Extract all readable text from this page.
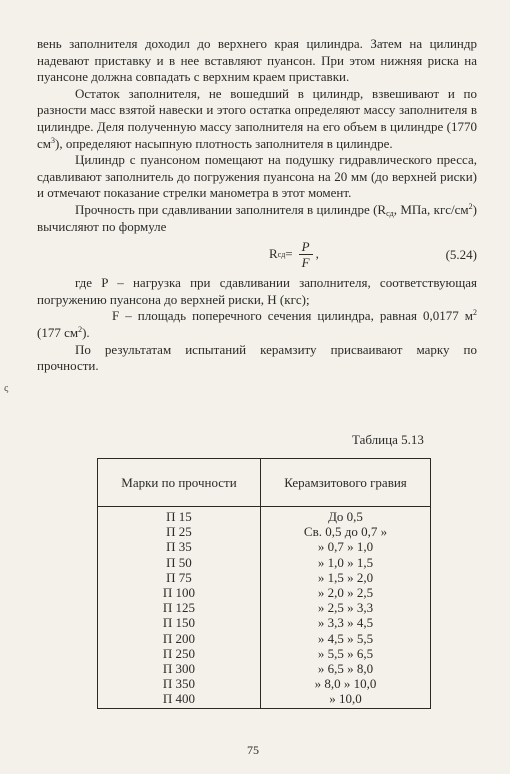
вень заполнителя доходил до верхнего края цилиндра. Затем на цилиндр надевают приставку и в нее вставляют пуансон. При этом нижняя риска на пуансоне должна совпадать с верхним краем приставки.

Остаток заполнителя, не вошедший в цилиндр, взвешивают и по разности масс взятой навески и этого остатка определяют массу заполнителя в цилиндре. Деля полученную массу заполнителя на его объем в цилиндре (1770 $см^3$), определяют насыпную плотность заполнителя в цилиндре.

Цилиндр с пуансоном помещают на подушку гидравлического пресса, сдавливают заполнитель до погружения пуансона на 20 мм (до верхней риски) и отмечают показание стрелки манометра в этот момент.

Прочность при сдавливании заполнителя в цилиндре ($R_{сд}$, МПа, кгс/$см^2$) вычисляют по формуле

R сд = $\frac{P}{F}$ ,	(5.24)

где P – нагрузка при сдавливании заполнителя, соответствующая погружению пуансона до верхней риски, Н (кгс);

F – площадь поперечного сечения цилиндра, равная 0,0177 $м^2$ (177 $см^2$).

По результатам испытаний керамзиту присваивают марку по прочности.

ς
Таблица 5.13
Марки по прочности	Керамзитового гравия
П 15	До 0,5
П 25	Св. 0,5 до 0,7 »
П 35	» 0,7 » 1,0
П 50	» 1,0 » 1,5
П 75	» 1,5 » 2,0
П 100	» 2,0 » 2,5
П 125	» 2,5 » 3,3
П 150	» 3,3 » 4,5
П 200	» 4,5 » 5,5
П 250	» 5,5 » 6,5
П 300	» 6,5 » 8,0
П 350	» 8,0 » 10,0
П 400	» 10,0
75
